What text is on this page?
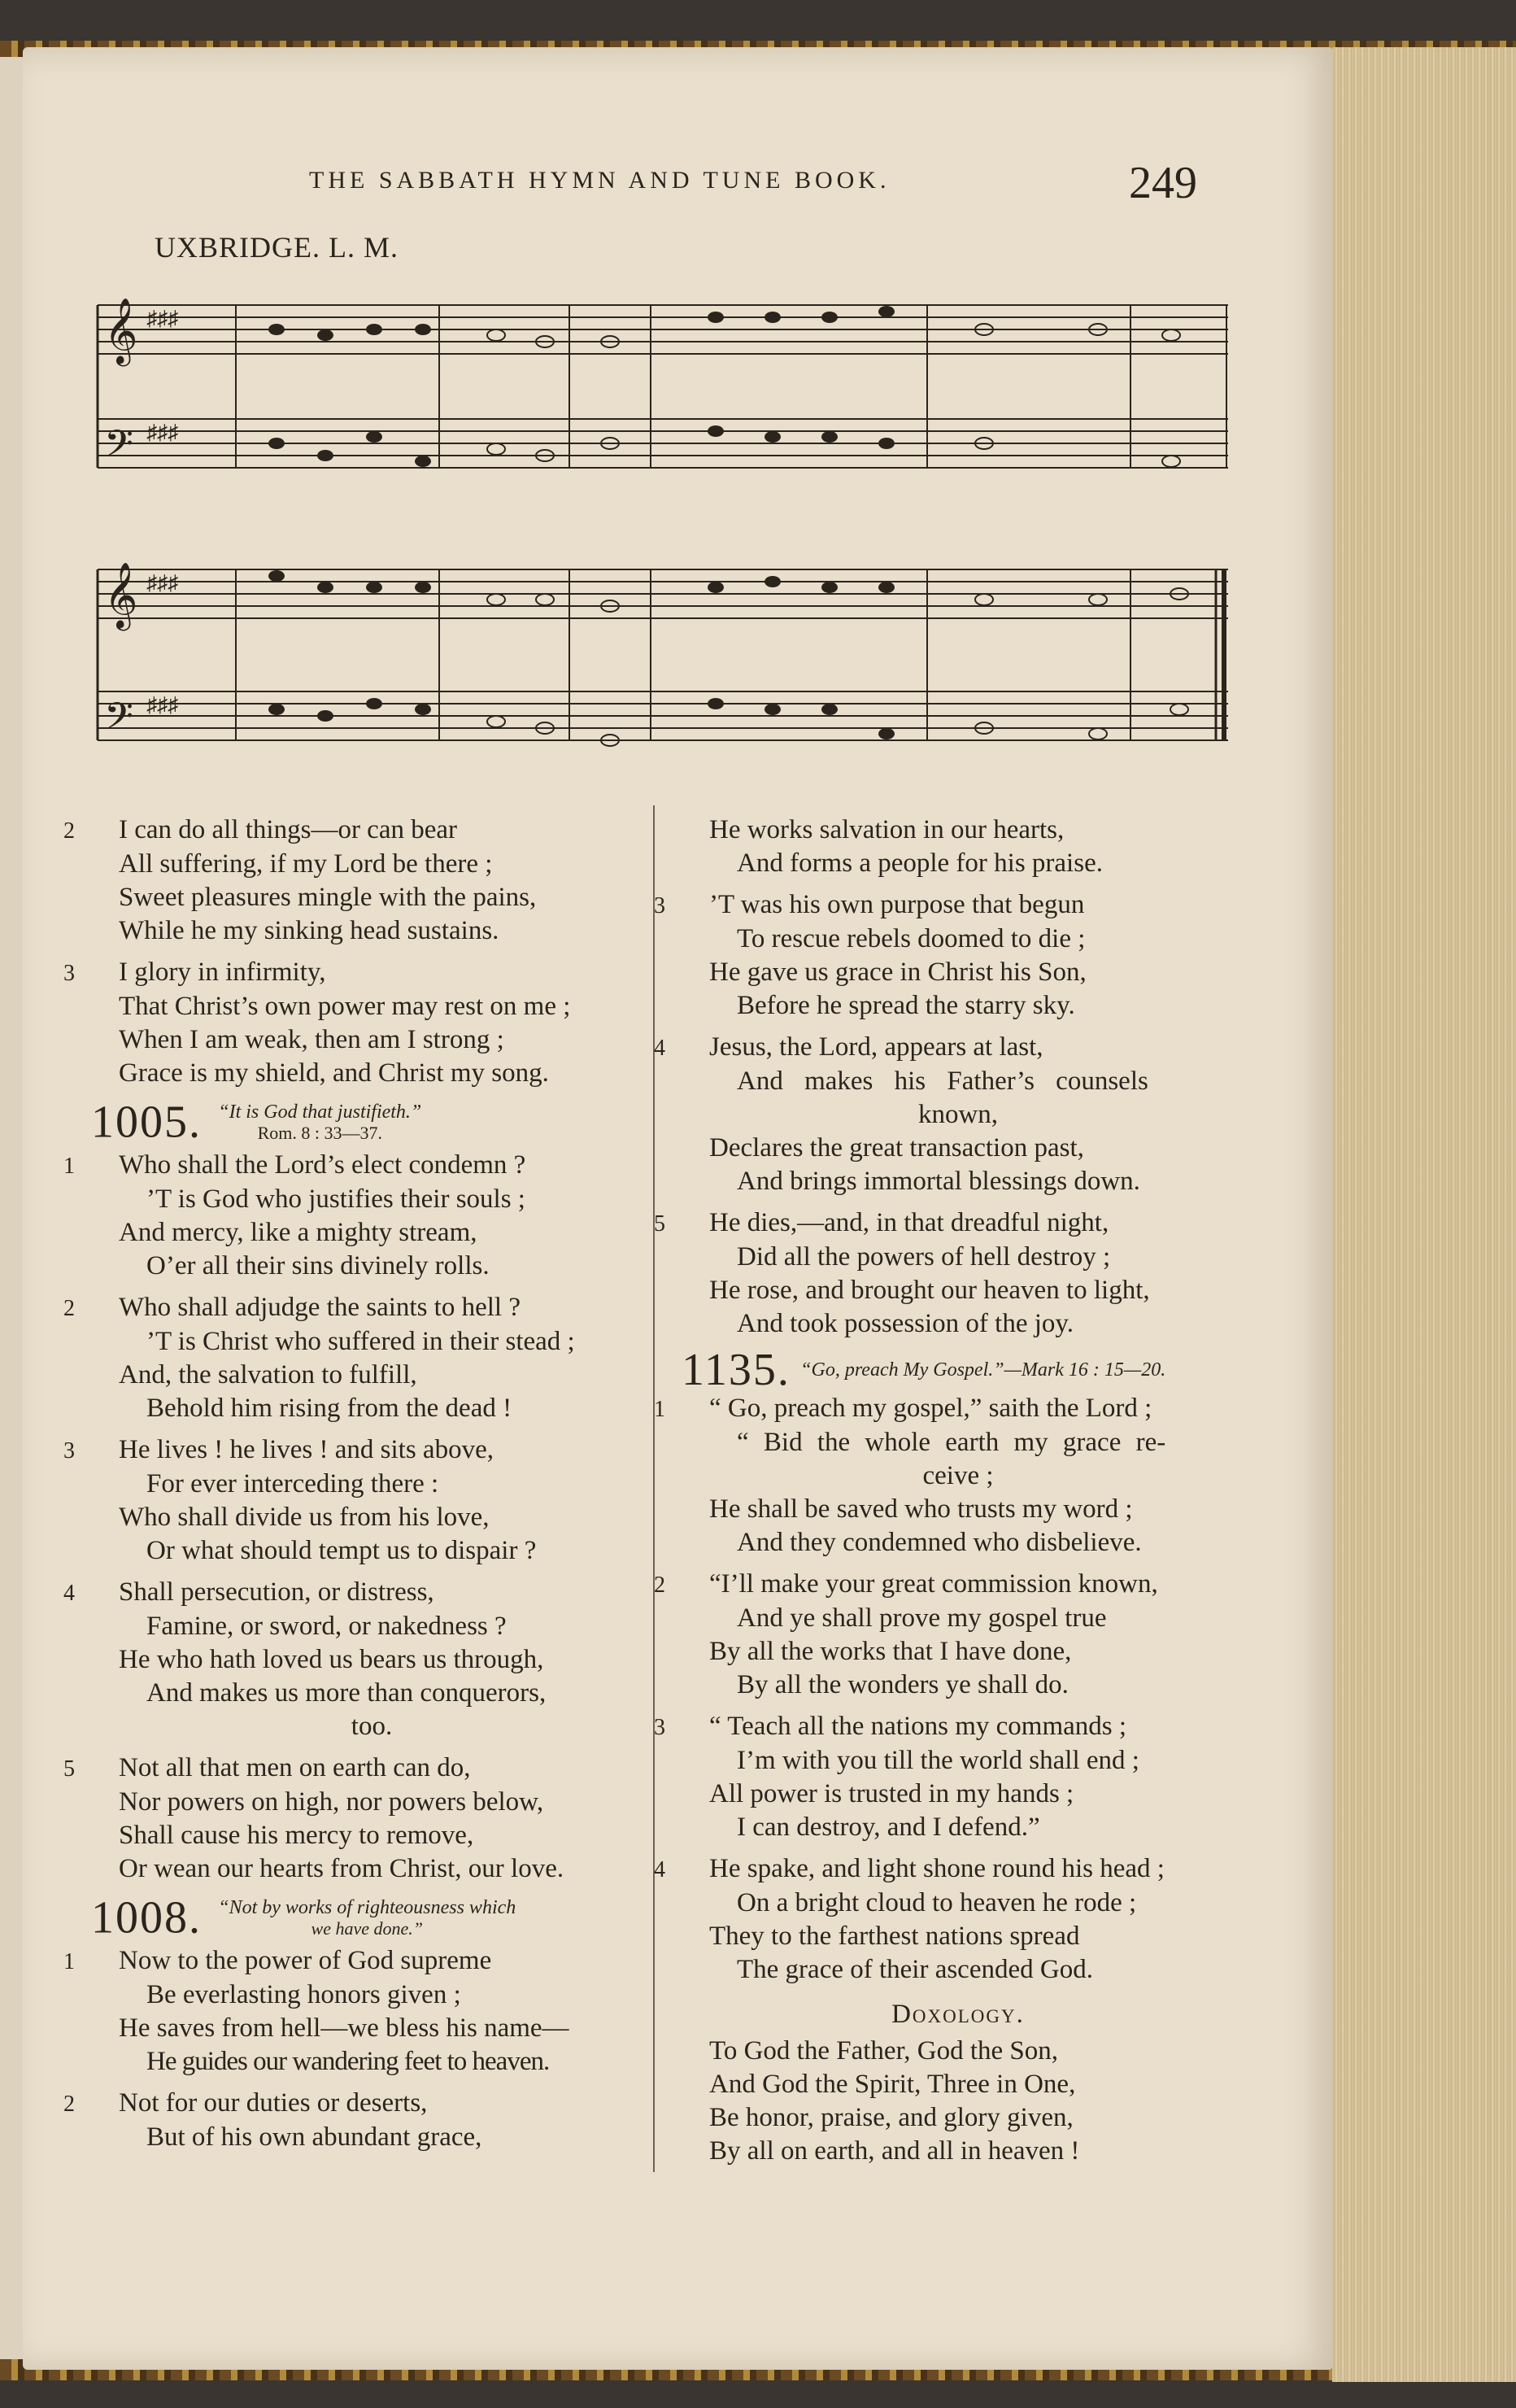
THE SABBATH HYMN AND TUNE BOOK.	249
UXBRIDGE. L. M.
𝄞
𝄢
♯♯♯
♯♯♯
𝄞
𝄢
♯♯♯
♯♯♯
2 I can do all things—or can bear
All suffering, if my Lord be there ;
Sweet pleasures mingle with the pains,
While he my sinking head sustains.
3 I glory in infirmity,
That Christ’s own power may rest on me ;
When I am weak, then am I strong ;
Grace is my shield, and Christ my song.
1005. “It is God that justifieth.”
Rom. 8 : 33—37.
1 Who shall the Lord’s elect condemn ?
’T is God who justifies their souls ;
And mercy, like a mighty stream,
O’er all their sins divinely rolls.
2 Who shall adjudge the saints to hell ?
’T is Christ who suffered in their stead ;
And, the salvation to fulfill,
Behold him rising from the dead !
3 He lives ! he lives ! and sits above,
For ever interceding there :
Who shall divide us from his love,
Or what should tempt us to dispair ?
4 Shall persecution, or distress,
Famine, or sword, or nakedness ?
He who hath loved us bears us through,
And makes us more than conquerors,
too.
5 Not all that men on earth can do,
Nor powers on high, nor powers below,
Shall cause his mercy to remove,
Or wean our hearts from Christ, our love.
1008. “Not by works of righteousness which
we have done.”
1 Now to the power of God supreme
Be everlasting honors given ;
He saves from hell—we bless his name—
He guides our wandering feet to heaven.
2 Not for our duties or deserts,
But of his own abundant grace,
He works salvation in our hearts,
And forms a people for his praise.
3 ’T was his own purpose that begun
To rescue rebels doomed to die ;
He gave us grace in Christ his Son,
Before he spread the starry sky.
4 Jesus, the Lord, appears at last,
And makes his Father’s counsels
known,
Declares the great transaction past,
And brings immortal blessings down.
5 He dies,—and, in that dreadful night,
Did all the powers of hell destroy ;
He rose, and brought our heaven to light,
And took possession of the joy.
1135. “Go, preach My Gospel.”—Mark 16 : 15—20.
1 “ Go, preach my gospel,” saith the Lord ;
“ Bid the whole earth my grace re-
ceive ;
He shall be saved who trusts my word ;
And they condemned who disbelieve.
2 “I’ll make your great commission known,
And ye shall prove my gospel true
By all the works that I have done,
By all the wonders ye shall do.
3 “ Teach all the nations my commands ;
I’m with you till the world shall end ;
All power is trusted in my hands ;
I can destroy, and I defend.”
4 He spake, and light shone round his head ;
On a bright cloud to heaven he rode ;
They to the farthest nations spread
The grace of their ascended God.
Doxology.
To God the Father, God the Son,
And God the Spirit, Three in One,
Be honor, praise, and glory given,
By all on earth, and all in heaven !
